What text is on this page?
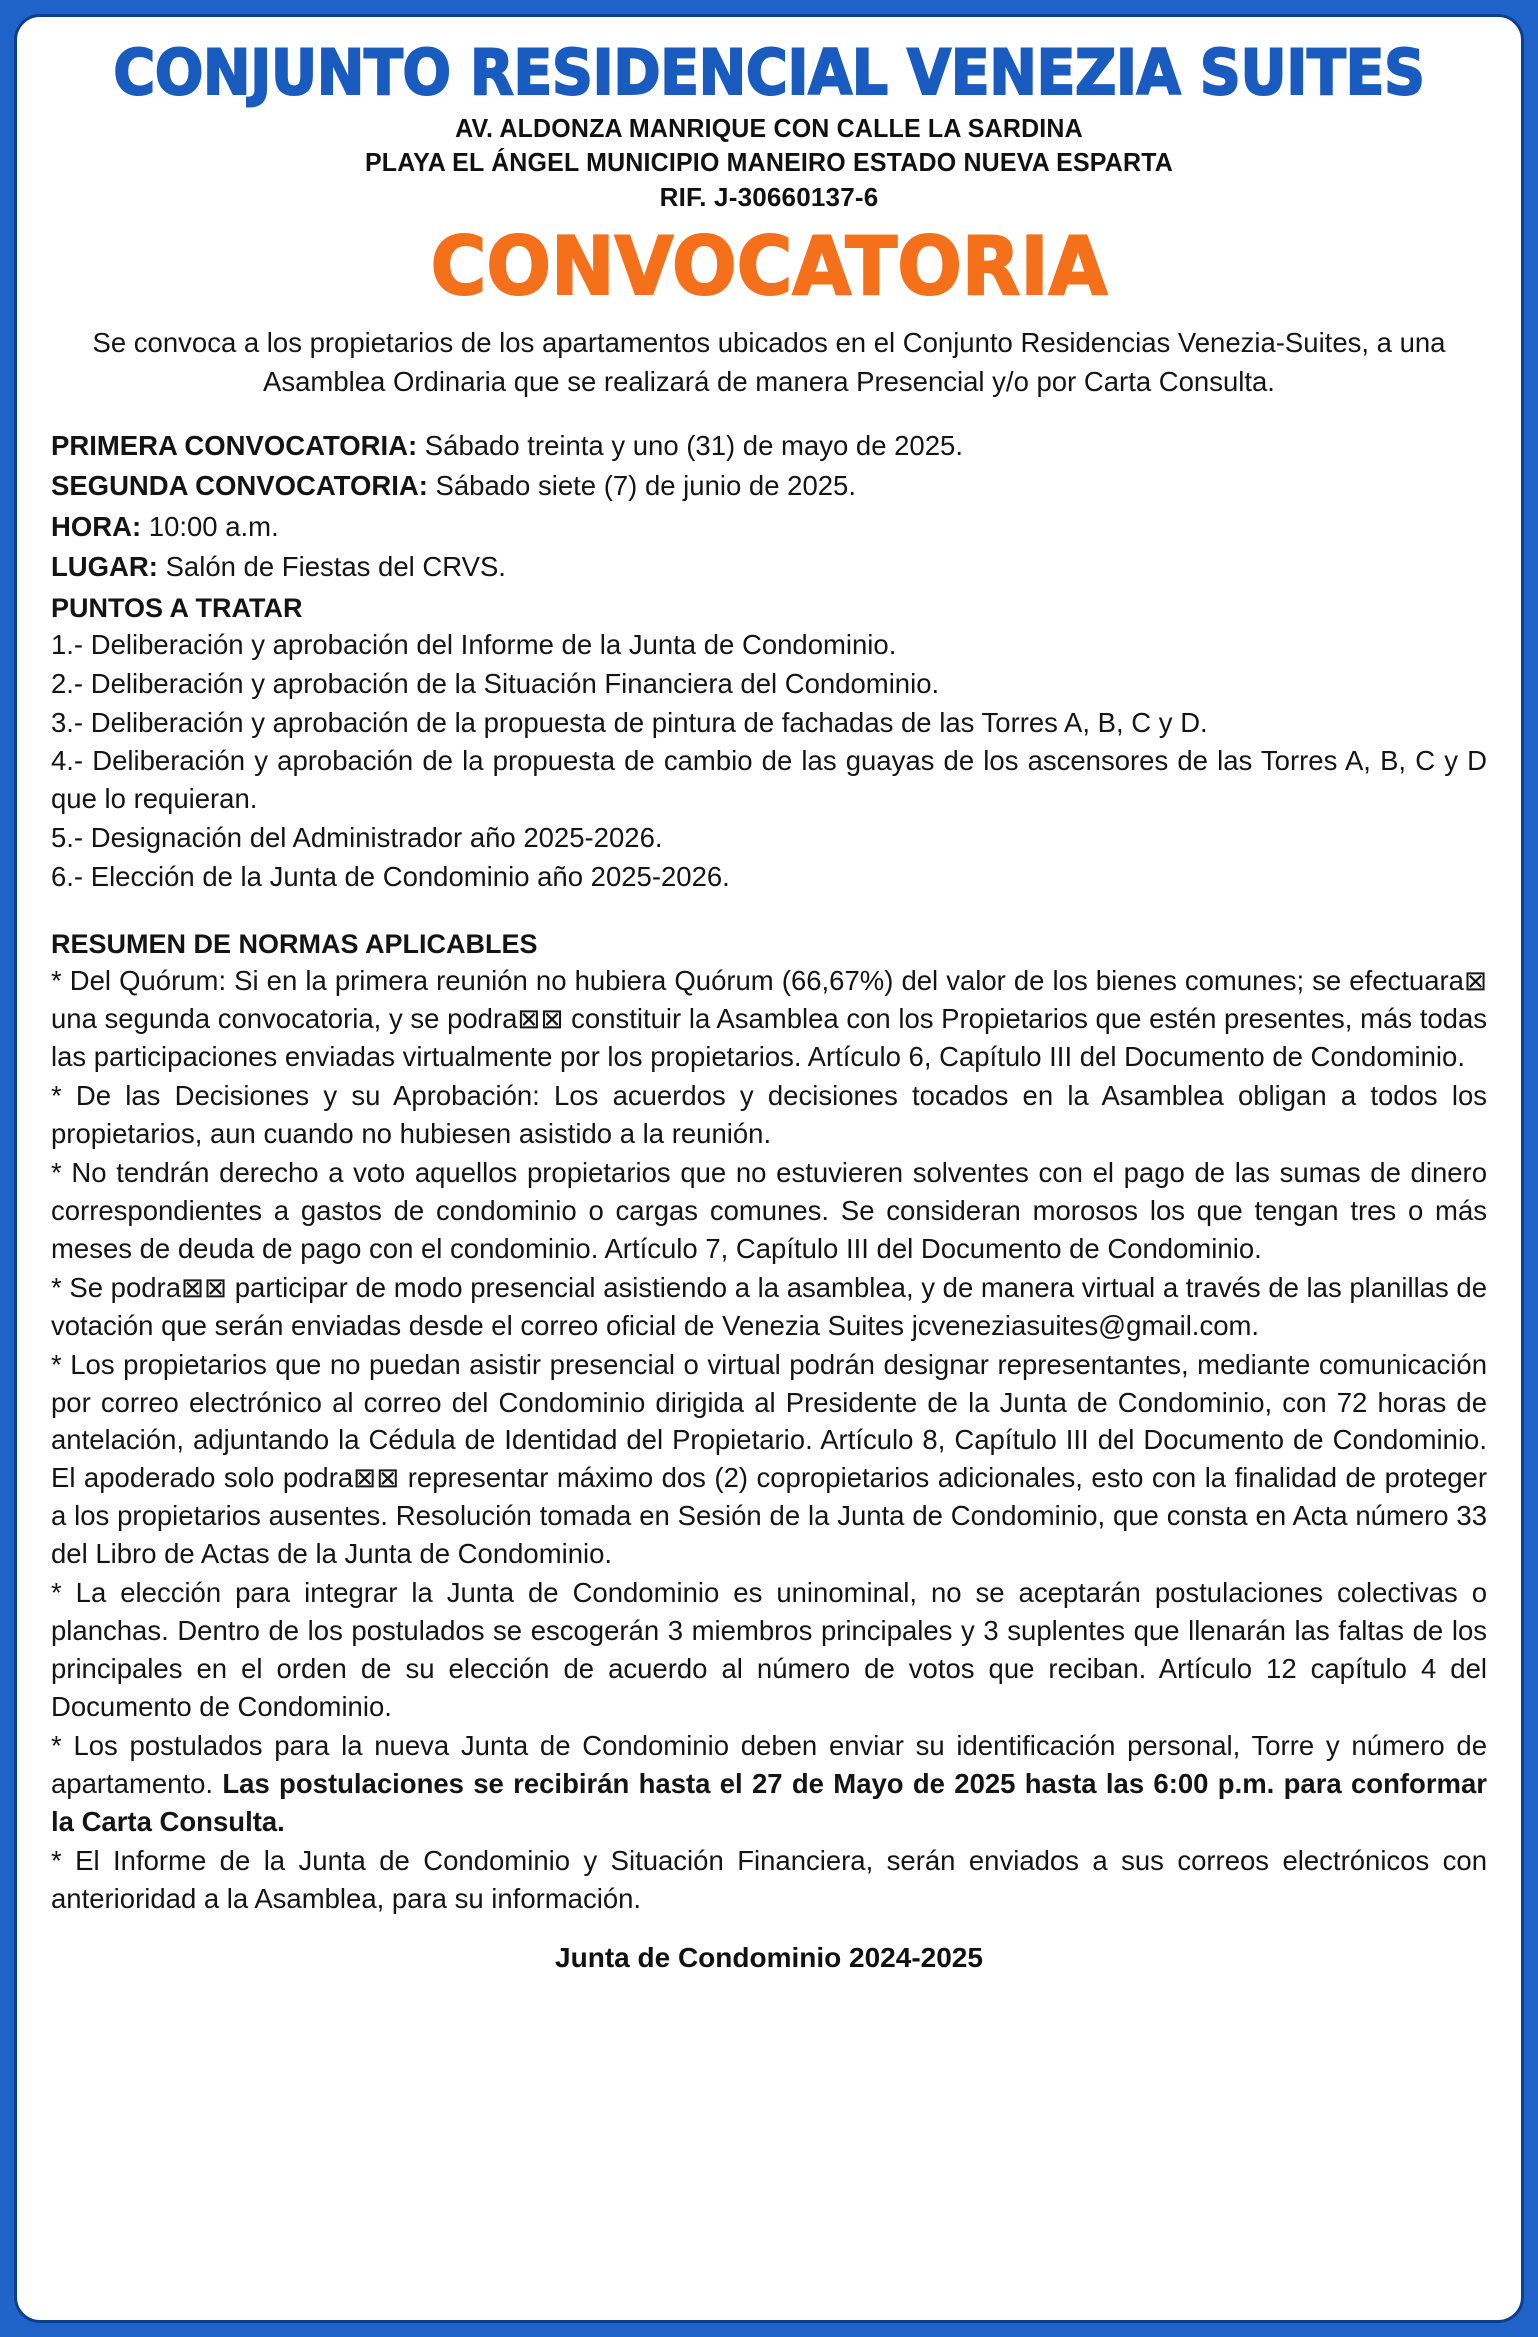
CONJUNTO RESIDENCIAL VENEZIA SUITES
AV. ALDONZA MANRIQUE CON CALLE LA SARDINA
PLAYA EL ÁNGEL MUNICIPIO MANEIRO ESTADO NUEVA ESPARTA
RIF. J-30660137-6
CONVOCATORIA

Se convoca a los propietarios de los apartamentos ubicados en el Conjunto Residencias Venezia-Suites, a una Asamblea Ordinaria que se realizará de manera Presencial y/o por Carta Consulta.

PRIMERA CONVOCATORIA: Sábado treinta y uno (31) de mayo de 2025.

SEGUNDA CONVOCATORIA: Sábado siete (7) de junio de 2025.

HORA: 10:00 a.m.

LUGAR: Salón de Fiestas del CRVS.

PUNTOS A TRATAR

1.- Deliberación y aprobación del Informe de la Junta de Condominio.

2.- Deliberación y aprobación de la Situación Financiera del Condominio.

3.- Deliberación y aprobación de la propuesta de pintura de fachadas de las Torres A, B, C y D.

4.- Deliberación y aprobación de la propuesta de cambio de las guayas de los ascensores de las Torres A, B, C y D que lo requieran.

5.- Designación del Administrador año 2025-2026.

6.- Elección de la Junta de Condominio año 2025-2026.

RESUMEN DE NORMAS APLICABLES

* Del Quórum: Si en la primera reunión no hubiera Quórum (66,67%) del valor de los bienes comunes; se efectuara⊠ una segunda convocatoria, y se podra⊠⊠ constituir la Asamblea con los Propietarios que estén presentes, más todas las participaciones enviadas virtualmente por los propietarios. Artículo 6, Capítulo III del Documento de Condominio.

* De las Decisiones y su Aprobación: Los acuerdos y decisiones tocados en la Asamblea obligan a todos los propietarios, aun cuando no hubiesen asistido a la reunión.

* No tendrán derecho a voto aquellos propietarios que no estuvieren solventes con el pago de las sumas de dinero correspondientes a gastos de condominio o cargas comunes. Se consideran morosos los que tengan tres o más meses de deuda de pago con el condominio. Artículo 7, Capítulo III del Documento de Condominio.

* Se podra⊠⊠ participar de modo presencial asistiendo a la asamblea, y de manera virtual a través de las planillas de votación que serán enviadas desde el correo oficial de Venezia Suites jcveneziasuites@gmail.com.

* Los propietarios que no puedan asistir presencial o virtual podrán designar representantes, mediante comunicación por correo electrónico al correo del Condominio dirigida al Presidente de la Junta de Condominio, con 72 horas de antelación, adjuntando la Cédula de Identidad del Propietario. Artículo 8, Capítulo III del Documento de Condominio. El apoderado solo podra⊠⊠ representar máximo dos (2) copropietarios adicionales, esto con la finalidad de proteger a los propietarios ausentes. Resolución tomada en Sesión de la Junta de Condominio, que consta en Acta número 33 del Libro de Actas de la Junta de Condominio.

* La elección para integrar la Junta de Condominio es uninominal, no se aceptarán postulaciones colectivas o planchas. Dentro de los postulados se escogerán 3 miembros principales y 3 suplentes que llenarán las faltas de los principales en el orden de su elección de acuerdo al número de votos que reciban. Artículo 12 capítulo 4 del Documento de Condominio.

* Los postulados para la nueva Junta de Condominio deben enviar su identificación personal, Torre y número de apartamento. Las postulaciones se recibirán hasta el 27 de Mayo de 2025 hasta las 6:00 p.m. para conformar la Carta Consulta.

* El Informe de la Junta de Condominio y Situación Financiera, serán enviados a sus correos electrónicos con anterioridad a la Asamblea, para su información.

Junta de Condominio 2024-2025
